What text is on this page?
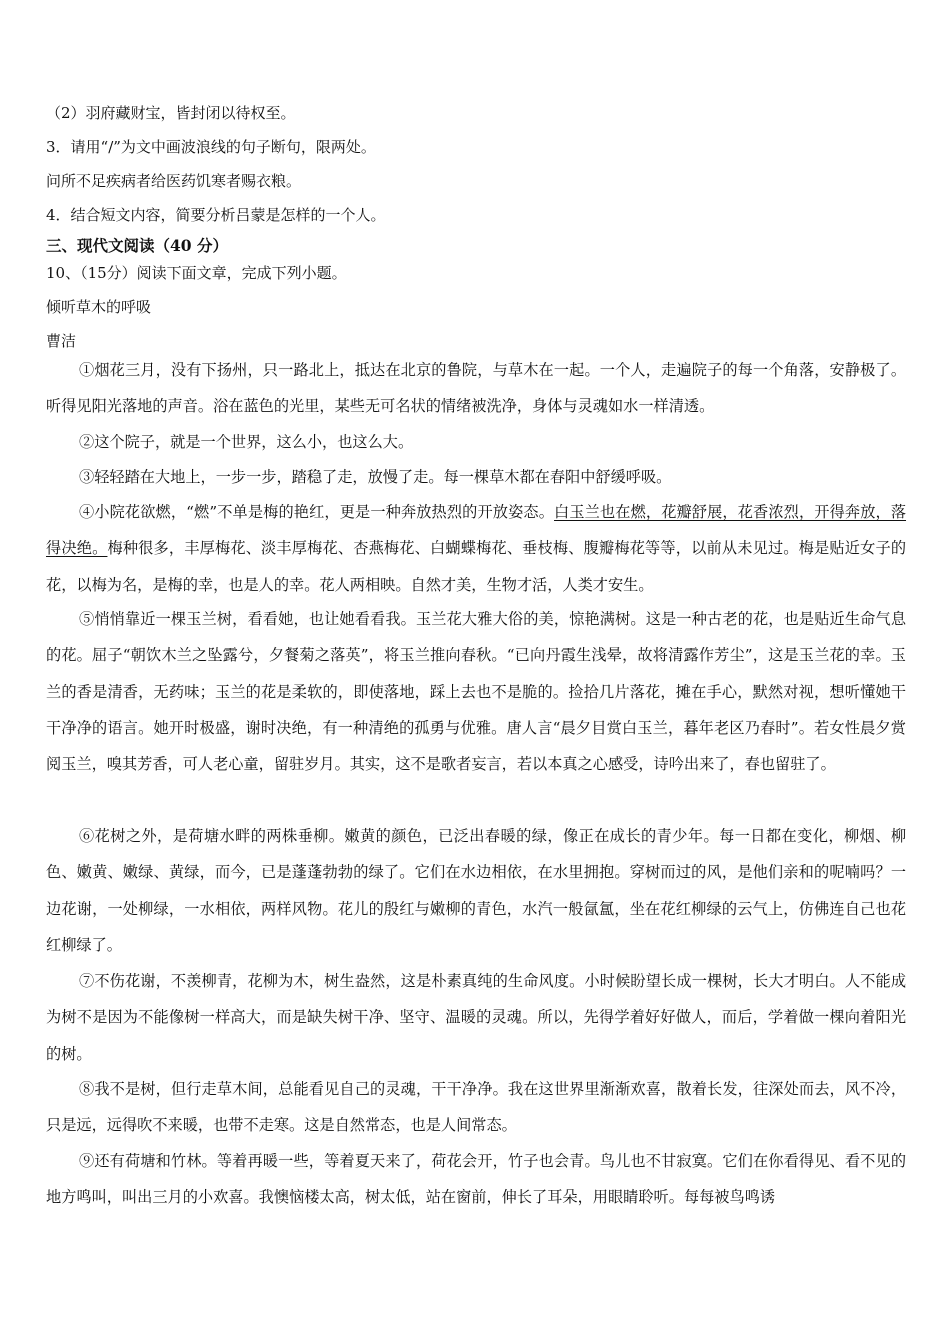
（2）羽府藏财宝，皆封闭以待权至。
3．请用“/”为文中画波浪线的句子断句，限两处。
问所不足疾病者给医药饥寒者赐衣粮。
4．结合短文内容，简要分析吕蒙是怎样的一个人。
三、现代文阅读（40 分）
10、（15分）阅读下面文章，完成下列小题。
倾听草木的呼吸
曹洁

①烟花三月，没有下扬州，只一路北上，抵达在北京的鲁院，与草木在一起。一个人，走遍院子的每一个角落，安静极了。听得见阳光落地的声音。浴在蓝色的光里，某些无可名状的情绪被洗净，身体与灵魂如水一样清透。

②这个院子，就是一个世界，这么小，也这么大。

③轻轻踏在大地上，一步一步，踏稳了走，放慢了走。每一棵草木都在春阳中舒缓呼吸。

④小院花欲燃，“燃”不单是梅的艳红，更是一种奔放热烈的开放姿态。白玉兰也在燃，花瓣舒展，花香浓烈，开得奔放，落得决绝。梅种很多，丰厚梅花、淡丰厚梅花、杏燕梅花、白蝴蝶梅花、垂枝梅、腹瓣梅花等等，以前从未见过。梅是贴近女子的花，以梅为名，是梅的幸，也是人的幸。花人两相映。自然才美，生物才活，人类才安生。

⑤悄悄靠近一棵玉兰树，看看她，也让她看看我。玉兰花大雅大俗的美，惊艳满树。这是一种古老的花，也是贴近生命气息的花。屈子“朝饮木兰之坠露兮，夕餐菊之落英”，将玉兰推向春秋。“已向丹霞生浅晕，故将清露作芳尘”，这是玉兰花的幸。玉兰的香是清香，无药味；玉兰的花是柔软的，即使落地，踩上去也不是脆的。捡拾几片落花，摊在手心，默然对视，想听懂她干干净净的语言。她开时极盛，谢时决绝，有一种清绝的孤勇与优雅。唐人言“晨夕目赏白玉兰，暮年老区乃春时”。若女性晨夕赏阅玉兰，嗅其芳香，可人老心童，留驻岁月。其实，这不是歌者妄言，若以本真之心感受，诗吟出来了，春也留驻了。

⑥花树之外，是荷塘水畔的两株垂柳。嫩黄的颜色，已泛出春暖的绿，像正在成长的青少年。每一日都在变化，柳烟、柳色、嫩黄、嫩绿、黄绿，而今，已是蓬蓬勃勃的绿了。它们在水边相依，在水里拥抱。穿树而过的风，是他们亲和的呢喃吗？一边花谢，一处柳绿，一水相依，两样风物。花儿的殷红与嫩柳的青色，水汽一般氤氲，坐在花红柳绿的云气上，仿佛连自己也花红柳绿了。

⑦不伤花谢，不羡柳青，花柳为木，树生盎然，这是朴素真纯的生命风度。小时候盼望长成一棵树，长大才明白。人不能成为树不是因为不能像树一样高大，而是缺失树干净、坚守、温暖的灵魂。所以，先得学着好好做人，而后，学着做一棵向着阳光的树。

⑧我不是树，但行走草木间，总能看见自己的灵魂，干干净净。我在这世界里渐渐欢喜，散着长发，往深处而去，风不冷，只是远，远得吹不来暖，也带不走寒。这是自然常态，也是人间常态。

⑨还有荷塘和竹林。等着再暖一些，等着夏天来了，荷花会开，竹子也会青。鸟儿也不甘寂寞。它们在你看得见、看不见的地方鸣叫，叫出三月的小欢喜。我懊恼楼太高，树太低，站在窗前，伸长了耳朵，用眼睛聆听。每每被鸟鸣诱
